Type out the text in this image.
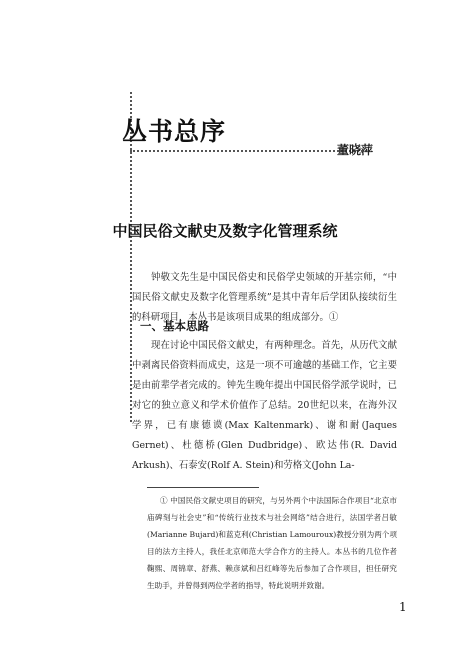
丛书总序
董晓萍
中国民俗文献史及数字化管理系统

钟敬文先生是中国民俗史和民俗学史领域的开基宗师，“中国民俗文献史及数字化管理系统”是其中青年后学团队接续衍生的科研项目，本丛书是该项目成果的组成部分。①

一、基本思路

现在讨论中国民俗文献史，有两种理念。首先，从历代文献中剥离民俗资料而成史，这是一项不可逾越的基础工作，它主要是由前辈学者完成的。钟先生晚年提出中国民俗学派学说时，已对它的独立意义和学术价值作了总结。20世纪以来，在海外汉学界，已有康德谟(Max Kaltenmark)、谢和耐(Jaques Gernet)、杜德桥(Glen Dudbridge)、欧达伟(R. David Arkush)、石泰安(Rolf A. Stein)和劳格文(John La-

① 中国民俗文献史项目的研究，与另外两个中法国际合作项目“北京市庙碑刻与社会史”和“传统行业技术与社会网络”结合进行，法国学者吕敏(Marianne Bujard)和蓝克利(Christian Lamouroux)教授分别为两个项目的法方主持人，我任北京师范大学合作方的主持人。本丛书的几位作者鞠熙、周锦章、舒燕、赖彦斌和吕红峰等先后参加了合作项目，担任研究生助手，并曾得到两位学者的指导，特此说明并致谢。

1
